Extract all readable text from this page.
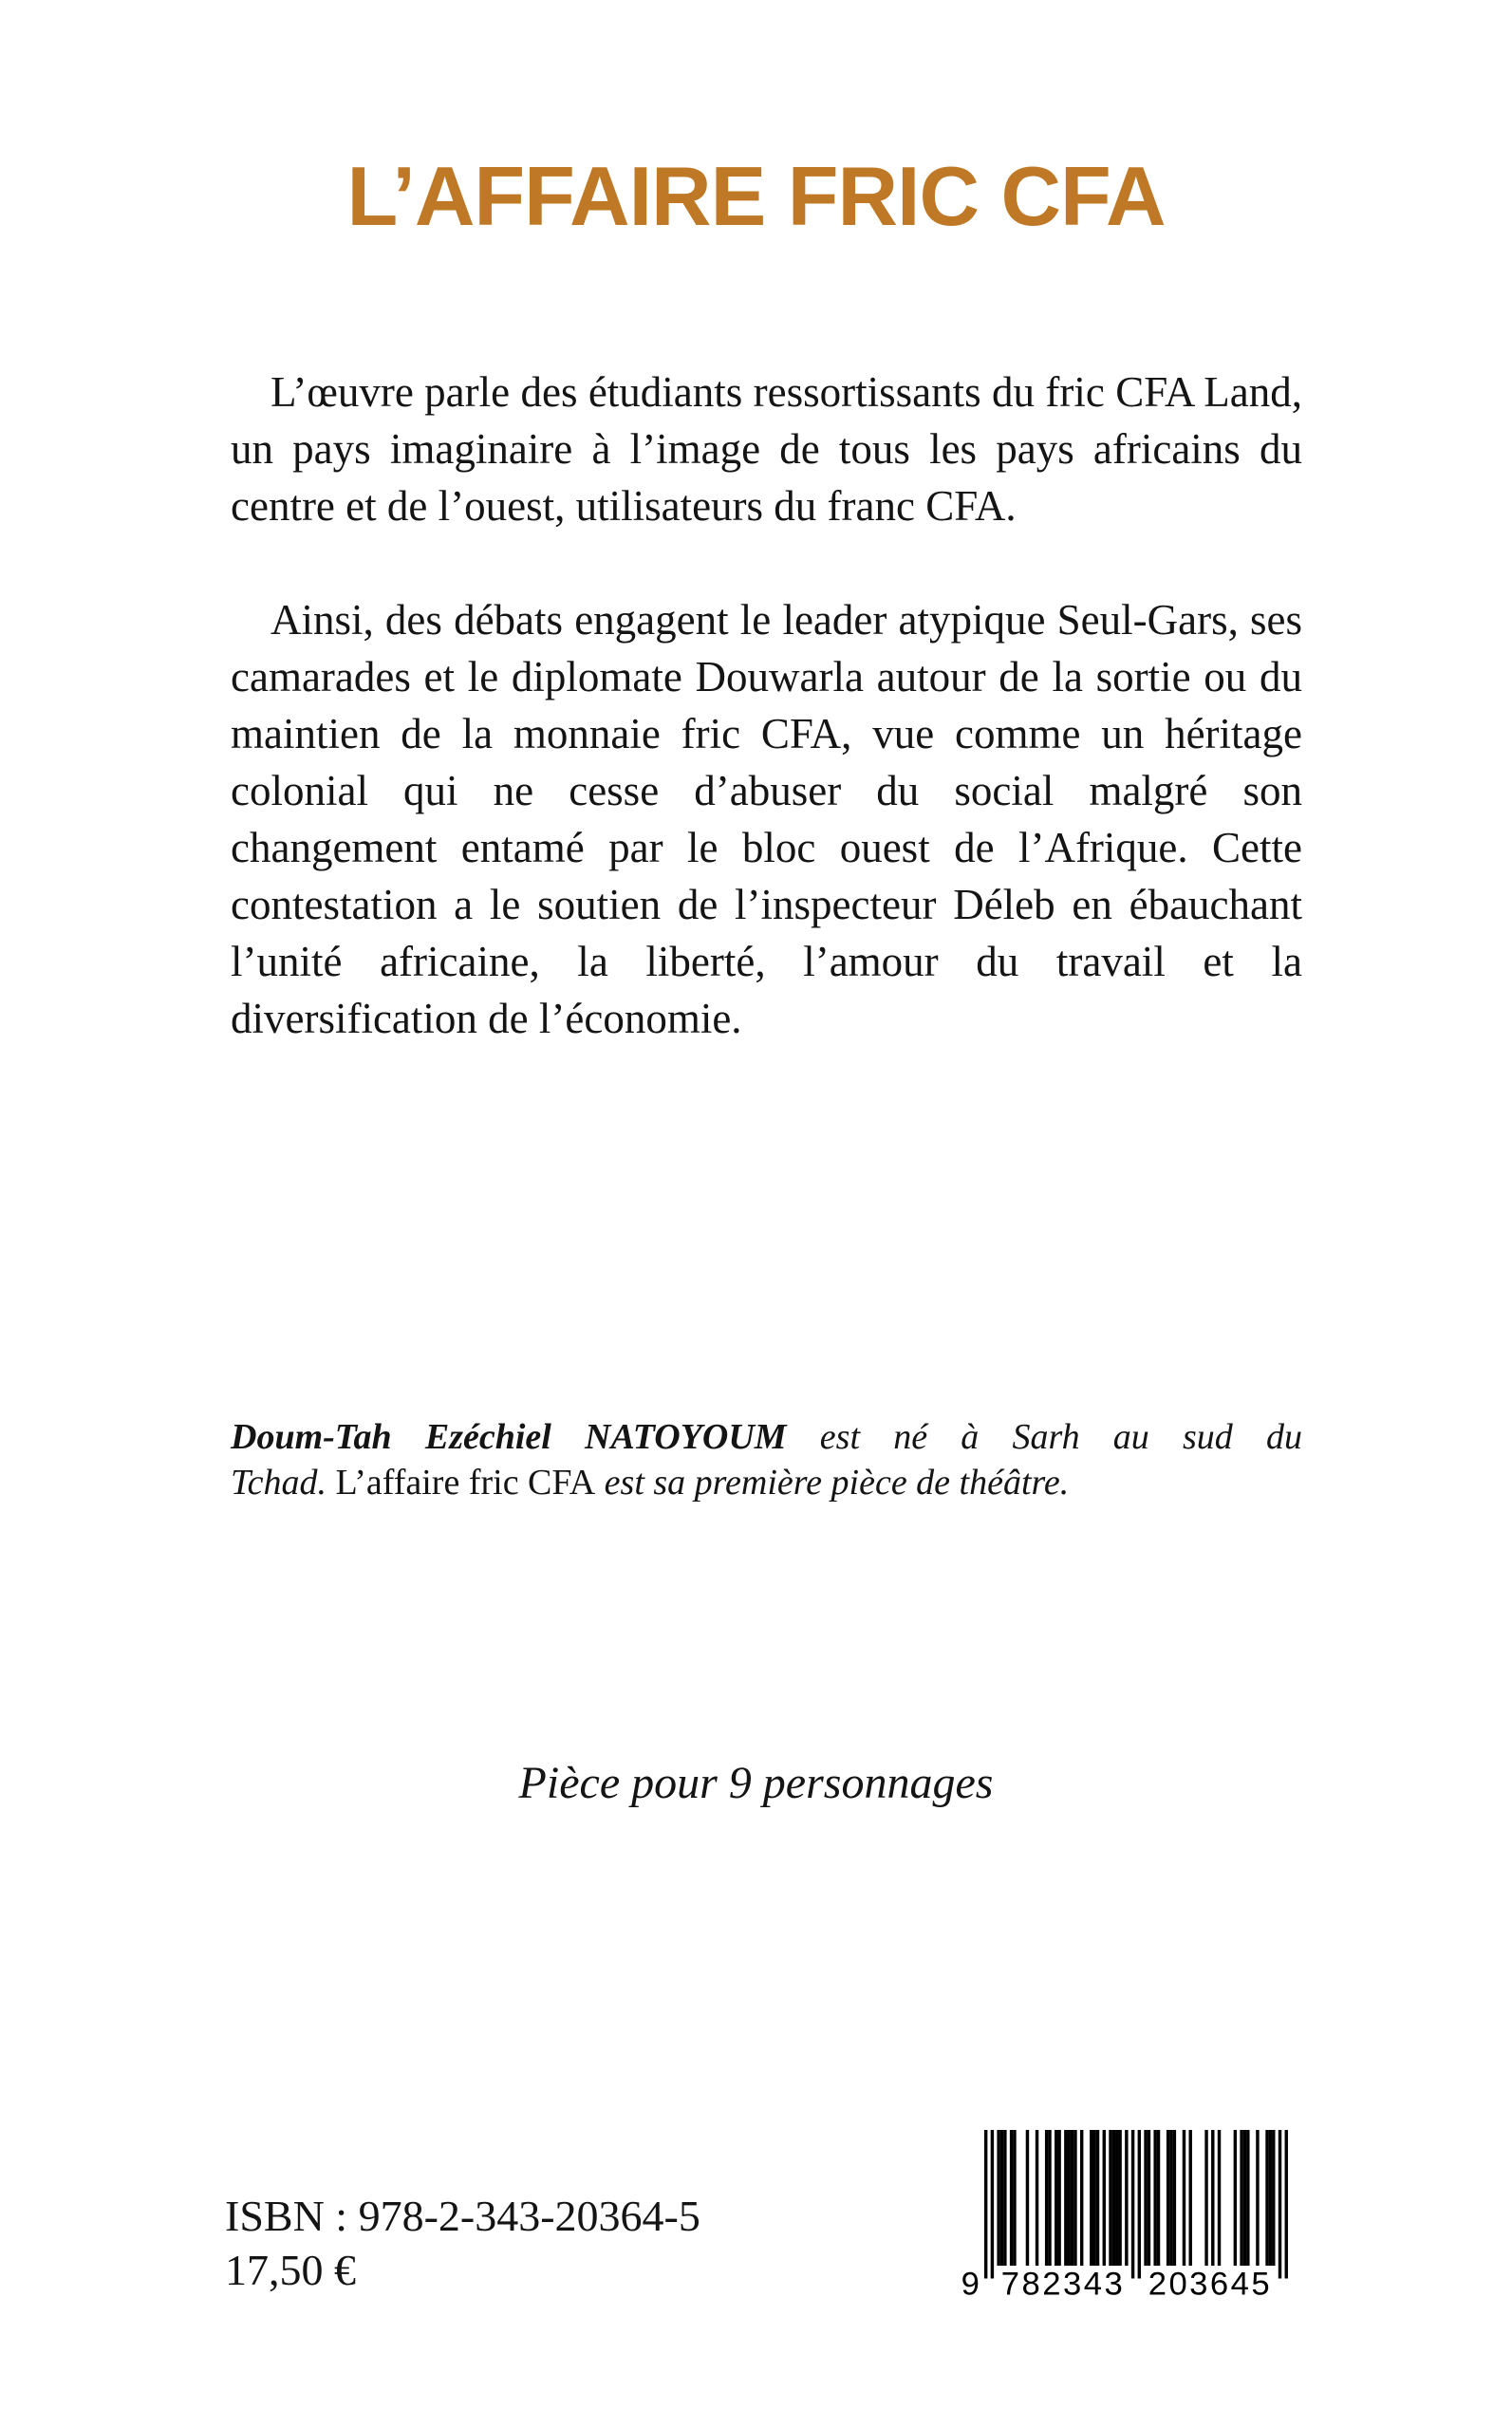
L’AFFAIRE FRIC CFA

L’œuvre parle des étudiants ressortissants du fric CFA Land, un pays imaginaire à l’image de tous les pays africains du centre et de l’ouest, utilisateurs du franc CFA.

Ainsi, des débats engagent le leader atypique Seul-Gars, ses camarades et le diplomate Douwarla autour de la sortie ou du maintien de la monnaie fric CFA, vue comme un héritage colonial qui ne cesse d’abuser du social malgré son changement entamé par le bloc ouest de l’Afrique. Cette contestation a le soutien de l’inspecteur Déleb en ébauchant l’unité africaine, la liberté, l’amour du travail et la diversification de l’économie.

Doum-Tah Ezéchiel NATOYOUM est né à Sarh au sud du
Tchad. L’affaire fric CFA est sa première pièce de théâtre.

Pièce pour 9 personnages

ISBN : 978-2-343-20364-5
17,50 €	9 782343	203645
